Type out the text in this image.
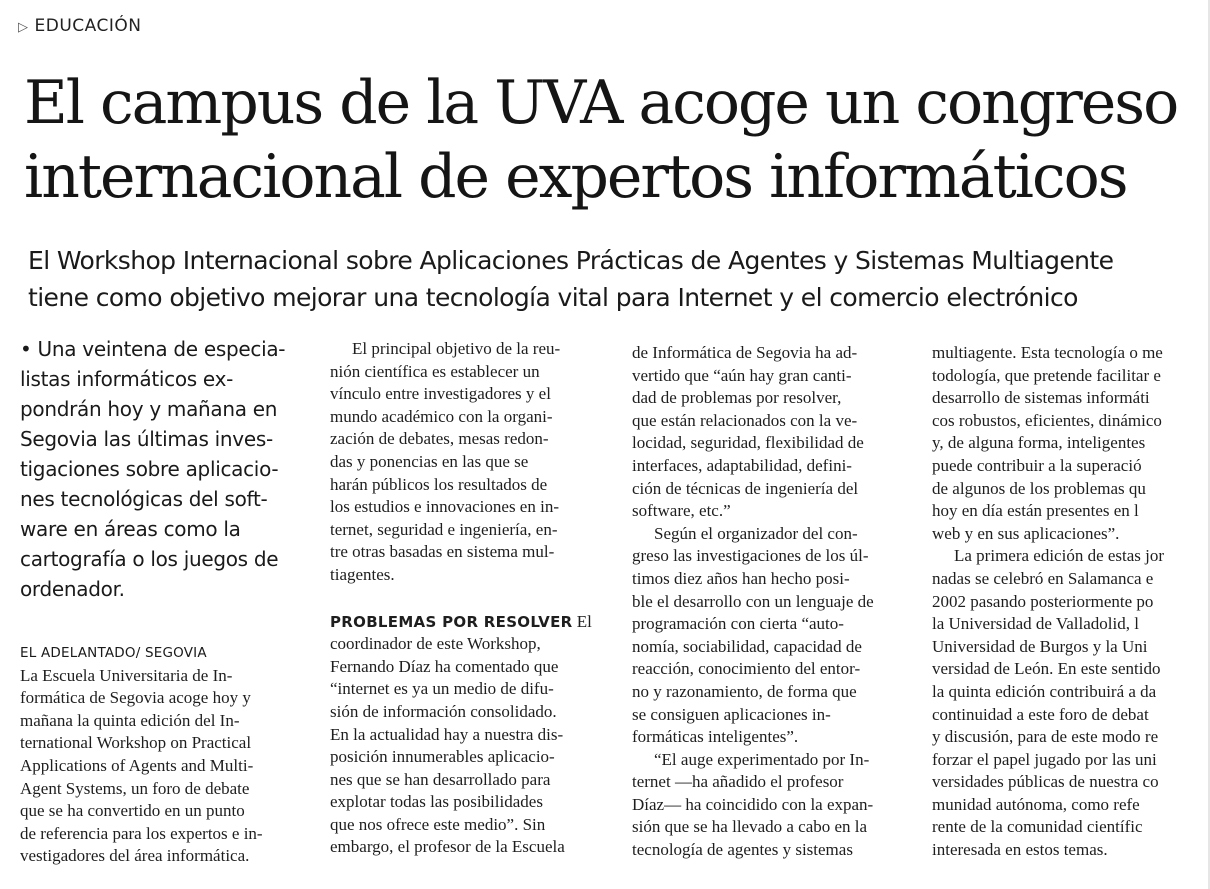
▷ EDUCACIÓN
El campus de la UVA acoge un congreso
internacional de expertos informáticos
El Workshop Internacional sobre Aplicaciones Prácticas de Agentes y Sistemas Multiagente
tiene como objetivo mejorar una tecnología vital para Internet y el comercio electrónico
• Una veintena de especia-
listas informáticos ex-
pondrán hoy y mañana en
Segovia las últimas inves-
tigaciones sobre aplicacio-
nes tecnológicas del soft-
ware en áreas como la
cartografía o los juegos de
ordenador.
EL ADELANTADO/ SEGOVIA
La Escuela Universitaria de In-
formática de Segovia acoge hoy y
mañana la quinta edición del In-
ternational Workshop on Practical
Applications of Agents and Multi-
Agent Systems, un foro de debate
que se ha convertido en un punto
de referencia para los expertos e in-
vestigadores del área informática.
El principal objetivo de la reu-
nión científica es establecer un
vínculo entre investigadores y el
mundo académico con la organi-
zación de debates, mesas redon-
das y ponencias en las que se
harán públicos los resultados de
los estudios e innovaciones en in-
ternet, seguridad e ingeniería, en-
tre otras basadas en sistema mul-
tiagentes.
PROBLEMAS POR RESOLVER El
coordinador de este Workshop,
Fernando Díaz ha comentado que
“internet es ya un medio de difu-
sión de información consolidado.
En la actualidad hay a nuestra dis-
posición innumerables aplicacio-
nes que se han desarrollado para
explotar todas las posibilidades
que nos ofrece este medio”. Sin
embargo, el profesor de la Escuela
de Informática de Segovia ha ad-
vertido que “aún hay gran canti-
dad de problemas por resolver,
que están relacionados con la ve-
locidad, seguridad, flexibilidad de
interfaces, adaptabilidad, defini-
ción de técnicas de ingeniería del
software, etc.”
Según el organizador del con-
greso las investigaciones de los úl-
timos diez años han hecho posi-
ble el desarrollo con un lenguaje de
programación con cierta “auto-
nomía, sociabilidad, capacidad de
reacción, conocimiento del entor-
no y razonamiento, de forma que
se consiguen aplicaciones in-
formáticas inteligentes”.
“El auge experimentado por In-
ternet —ha añadido el profesor
Díaz— ha coincidido con la expan-
sión que se ha llevado a cabo en la
tecnología de agentes y sistemas
multiagente. Esta tecnología o me
todología, que pretende facilitar e
desarrollo de sistemas informáti
cos robustos, eficientes, dinámico
y, de alguna forma, inteligentes
puede contribuir a la superació
de algunos de los problemas qu
hoy en día están presentes en l
web y en sus aplicaciones”.
La primera edición de estas jor
nadas se celebró en Salamanca e
2002 pasando posteriormente po
la Universidad de Valladolid, l
Universidad de Burgos y la Uni
versidad de León. En este sentido
la quinta edición contribuirá a da
continuidad a este foro de debat
y discusión, para de este modo re
forzar el papel jugado por las uni
versidades públicas de nuestra co
munidad autónoma, como refe
rente de la comunidad científic
interesada en estos temas.
